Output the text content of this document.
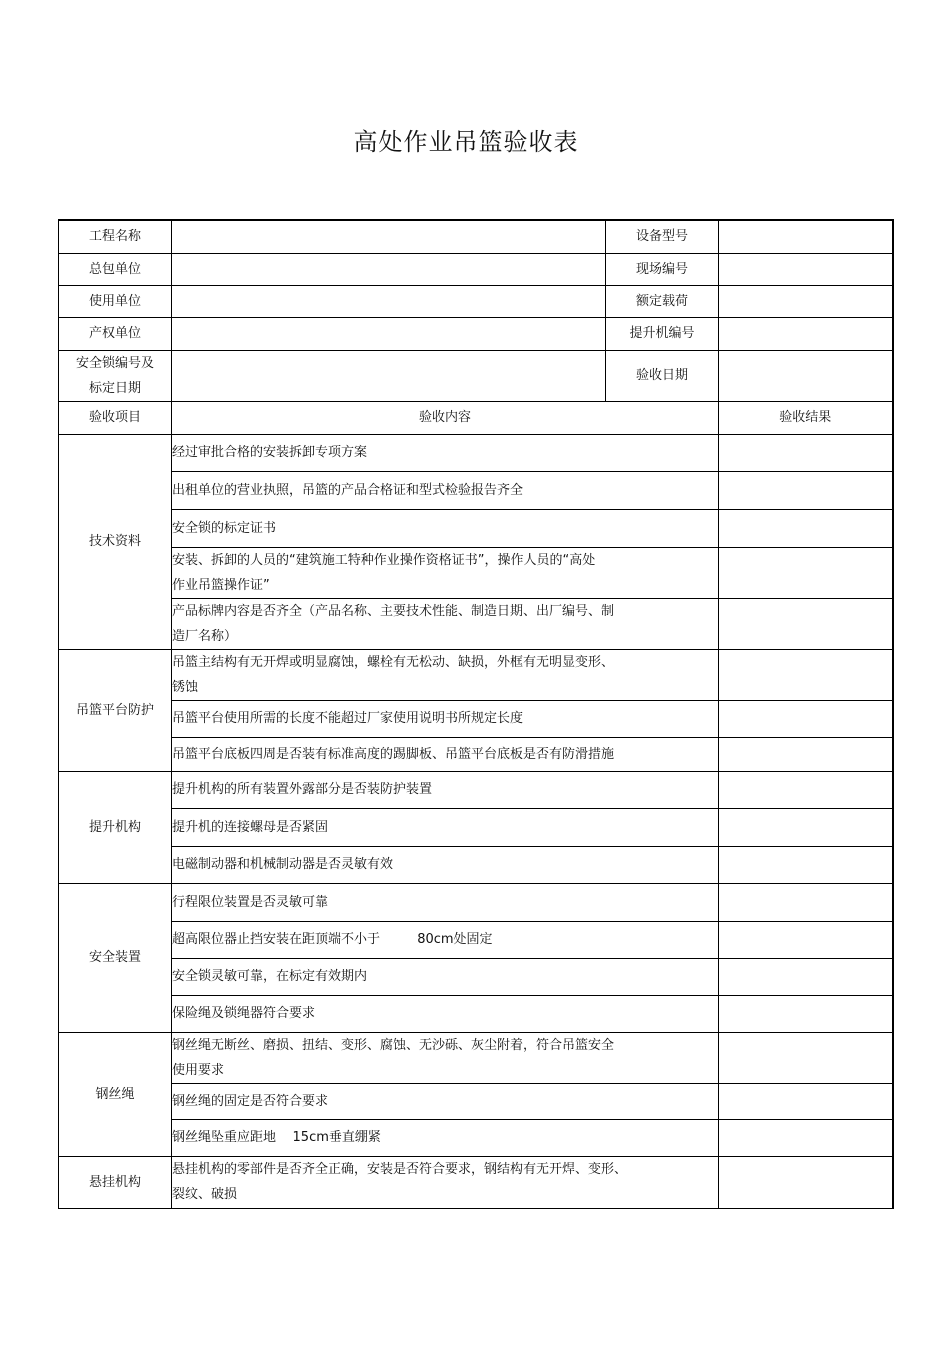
高处作业吊篮验收表
工程名称		设备型号	
总包单位		现场编号	
使用单位		额定载荷	
产权单位		提升机编号	

安全锁编号及
标定日期		验收日期	
验收项目	验收内容		验收结果
技术资料	经过审批合格的安装拆卸专项方案		

	出租单位的营业执照，吊篮的产品合格证和型式检验报告齐全		

	安全锁的标定证书		

	安装、拆卸的人员的“建筑施工特种作业操作资格证书”，操作人员的“高处
作业吊篮操作证”		

	产品标牌内容是否齐全（产品名称、主要技术性能、制造日期、出厂编号、制
造厂名称）		

吊篮平台防护	吊篮主结构有无开焊或明显腐蚀，螺栓有无松动、缺损，外框有无明显变形、
锈蚀		

	吊篮平台使用所需的长度不能超过厂家使用说明书所规定长度		

	吊篮平台底板四周是否装有标准高度的踢脚板、吊篮平台底板是否有防滑措施		

提升机构	提升机构的所有装置外露部分是否装防护装置		

	提升机的连接螺母是否紧固		

	电磁制动器和机械制动器是否灵敏有效		

安全装置	行程限位装置是否灵敏可靠		

	超高限位器止挡安装在距顶端不小于         80cm处固定		

	安全锁灵敏可靠，在标定有效期内		

	保险绳及锁绳器符合要求		

钢丝绳	钢丝绳无断丝、磨损、扭结、变形、腐蚀、无沙砾、灰尘附着，符合吊篮安全
使用要求		

	钢丝绳的固定是否符合要求		

	钢丝绳坠重应距地    15cm垂直绷紧		

悬挂机构	悬挂机构的零部件是否齐全正确，安装是否符合要求，钢结构有无开焊、变形、
裂纹、破损		
